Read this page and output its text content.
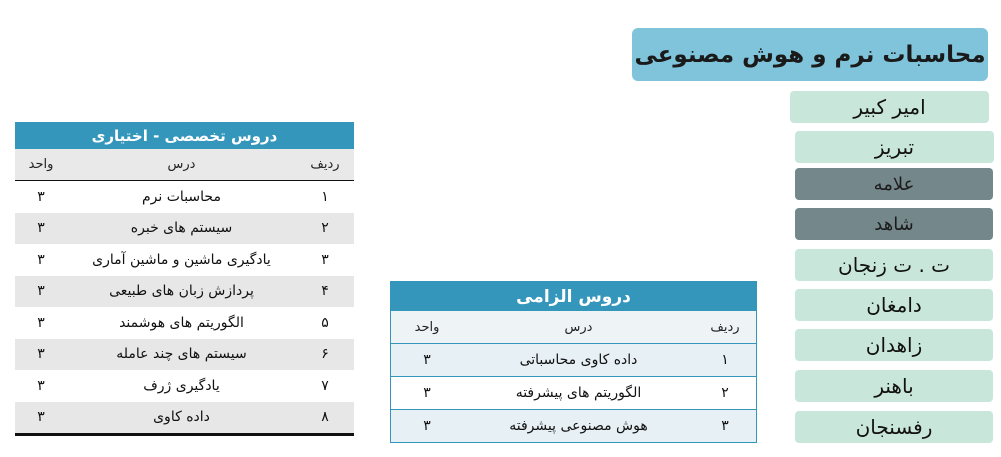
محاسبات نرم و هوش مصنوعی
امیر کبیر
تبریز
علامه
شاهد
ت . ت زنجان
دامغان
زاهدان
باهنر
رفسنجان
دروس تخصصی - اختیاری		
ردیف	درس	واحد
۱	محاسبات نرم	۳
۲	سیستم های خبره	۳
۳	یادگیری ماشین و ماشین آماری	۳
۴	پردازش زبان های طبیعی	۳
۵	الگوریتم های هوشمند	۳
۶	سیستم های چند عامله	۳
۷	یادگیری ژرف	۳
۸	داده کاوی	۳
دروس الزامی		
ردیف	درس	واحد
۱	داده کاوی محاسباتی	۳
۲	الگوریتم های پیشرفته	۳
۳	هوش مصنوعی پیشرفته	۳
